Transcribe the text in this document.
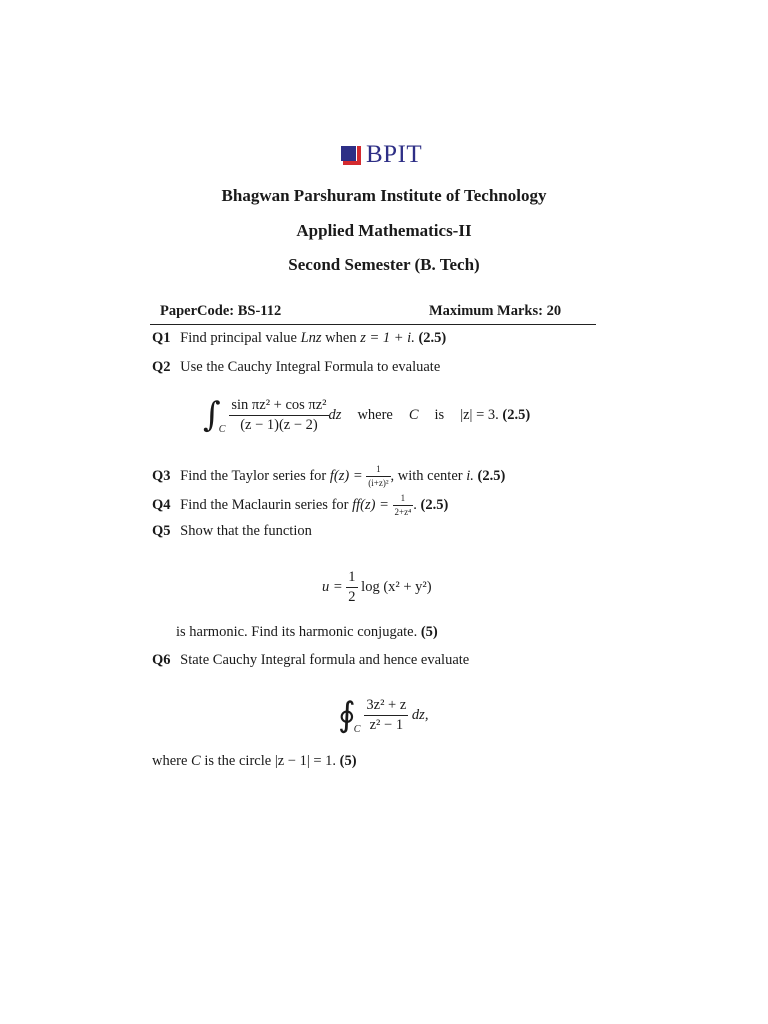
BPIT
Bhagwan Parshuram Institute of Technology
Applied Mathematics-II
Second Semester (B. Tech)
PaperCode: BS-112	Maximum Marks: 20
Q1 Find principal value Lnz when z = 1 + i. (2.5)
Q2 Use the Cauchy Integral Formula to evaluate
∫
C $\frac{\text{sin πz² + cos πz²}}{(z - 1)(z - 2)}$ dz where C is |z| = 3.
(2.5)
Q3 Find the Taylor series for $f(z) = \frac{1}{\text{(i+z)²}}$ , with center i. (2.5)
Q4 Find the Maclaurin series for $ff(z) = \frac{1}{\text{2+z⁴}}$ . (2.5)
Q5 Show that the function
u =
$\frac{1}{2}$
log (x² + y²)
is harmonic. Find its harmonic conjugate. (5)
Q6 State Cauchy Integral formula and hence evaluate
∮
C $\frac{\text{3z² + z}}{\text{z² − 1}}$
dz,
where C is the circle |z − 1| = 1. (5)
